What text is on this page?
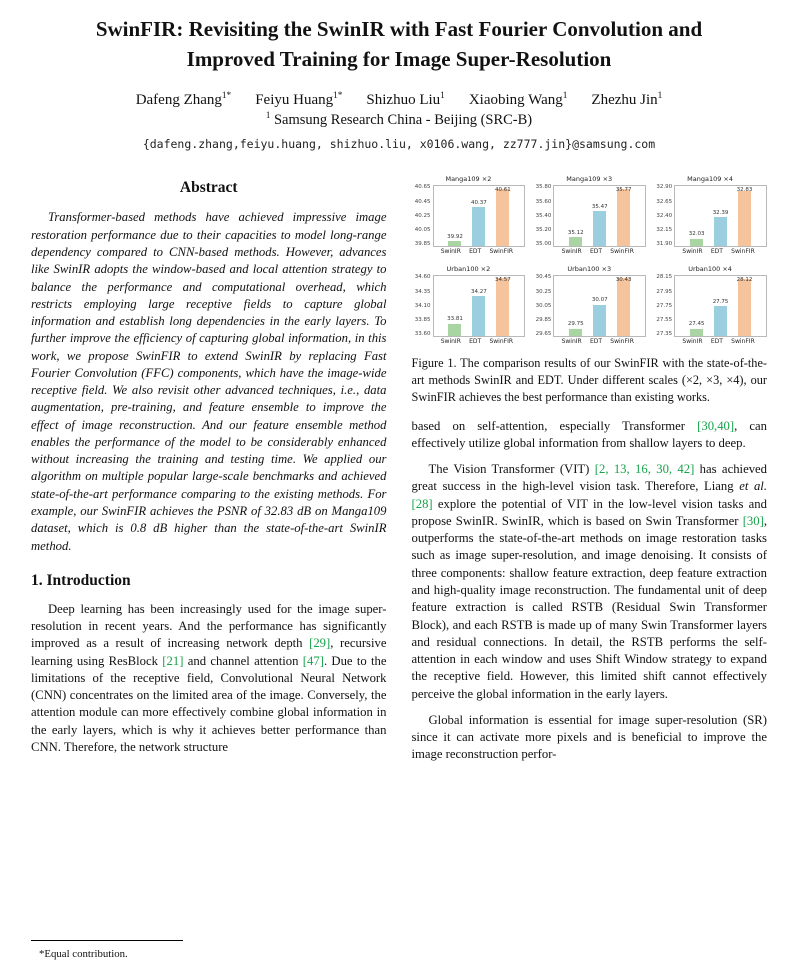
SwinFIR: Revisiting the SwinIR with Fast Fourier Convolution and Improved Training for Image Super-Resolution
Dafeng Zhang$^{1*}$ Feiyu Huang$^{1*}$ Shizhuo Liu$^1$ Xiaobing Wang$^1$ Zhezhu Jin$^1$
$^1$ Samsung Research China - Beijing (SRC-B)
{dafeng.zhang,feiyu.huang, shizhuo.liu, x0106.wang, zz777.jin}@samsung.com
Abstract

Transformer-based methods have achieved impressive image restoration performance due to their capacities to model long-range dependency compared to CNN-based methods. However, advances like SwinIR adopts the window-based and local attention strategy to balance the performance and computational overhead, which restricts employing large receptive fields to capture global information and establish long dependencies in the early layers. To further improve the efficiency of capturing global information, in this work, we propose SwinFIR to extend SwinIR by replacing Fast Fourier Convolution (FFC) components, which have the image-wide receptive field. We also revisit other advanced techniques, i.e., data augmentation, pre-training, and feature ensemble to improve the effect of image reconstruction. And our feature ensemble method enables the performance of the model to be considerably enhanced without increasing the training and testing time. We applied our algorithm on multiple popular large-scale benchmarks and achieved state-of-the-art performance comparing to the existing methods. For example, our SwinFIR achieves the PSNR of 32.83 dB on Manga109 dataset, which is 0.8 dB higher than the state-of-the-art SwinIR method.

1. Introduction

Deep learning has been increasingly used for the image super-resolution in recent years. And the performance has significantly improved as a result of increasing network depth [29], recursive learning using ResBlock [21] and channel attention [47]. Due to the limitations of the receptive field, Convolutional Neural Network (CNN) concentrates on the limited area of the image. Conversely, the attention module can more effectively combine global information in the early layers, which is why it achieves better performance than CNN. Therefore, the network structure

Manga109 ×2
40.65
40.45
40.25
40.05
39.85
39.92
40.37
40.61
SwinIR EDT SwinFIR
Manga109 ×3
35.80
35.60
35.40
35.20
35.00
35.12
35.47
35.77
SwinIR EDT SwinFIR
Manga109 ×4
32.90
32.65
32.40
32.15
31.90
32.03
32.39
32.83
SwinIR EDT SwinFIR
Urban100 ×2
34.60
34.35
34.10
33.85
33.60
33.81
34.27
34.57
SwinIR EDT SwinFIR
Urban100 ×3
30.45
30.25
30.05
29.85
29.65
29.75
30.07
30.43
SwinIR EDT SwinFIR
Urban100 ×4
28.15
27.95
27.75
27.55
27.35
27.45
27.75
28.12
SwinIR EDT SwinFIR
Figure 1. The comparison results of our SwinFIR with the state-of-the-art methods SwinIR and EDT. Under different scales (×2, ×3, ×4), our SwinFIR achieves the best performance than existing works.

based on self-attention, especially Transformer [30,40], can effectively utilize global information from shallow layers to deep.

The Vision Transformer (VIT) [2, 13, 16, 30, 42] has achieved great success in the high-level vision task. Therefore, Liang et al. [28] explore the potential of VIT in the low-level vision tasks and propose SwinIR. SwinIR, which is based on Swin Transformer [30], outperforms the state-of-the-art methods on image restoration tasks such as image super-resolution, and image denoising. It consists of three components: shallow feature extraction, deep feature extraction and high-quality image reconstruction. The fundamental unit of deep feature extraction is called RSTB (Residual Swin Transformer Block), and each RSTB is made up of many Swin Transformer layers and residual connections. In detail, the RSTB performs the self-attention in each window and uses Shift Window strategy to expand the receptive field. However, this limited shift cannot effectively perceive the global information in the early layers.

Global information is essential for image super-resolution (SR) since it can activate more pixels and is beneficial to improve the image reconstruction perfor-

*Equal contribution.
